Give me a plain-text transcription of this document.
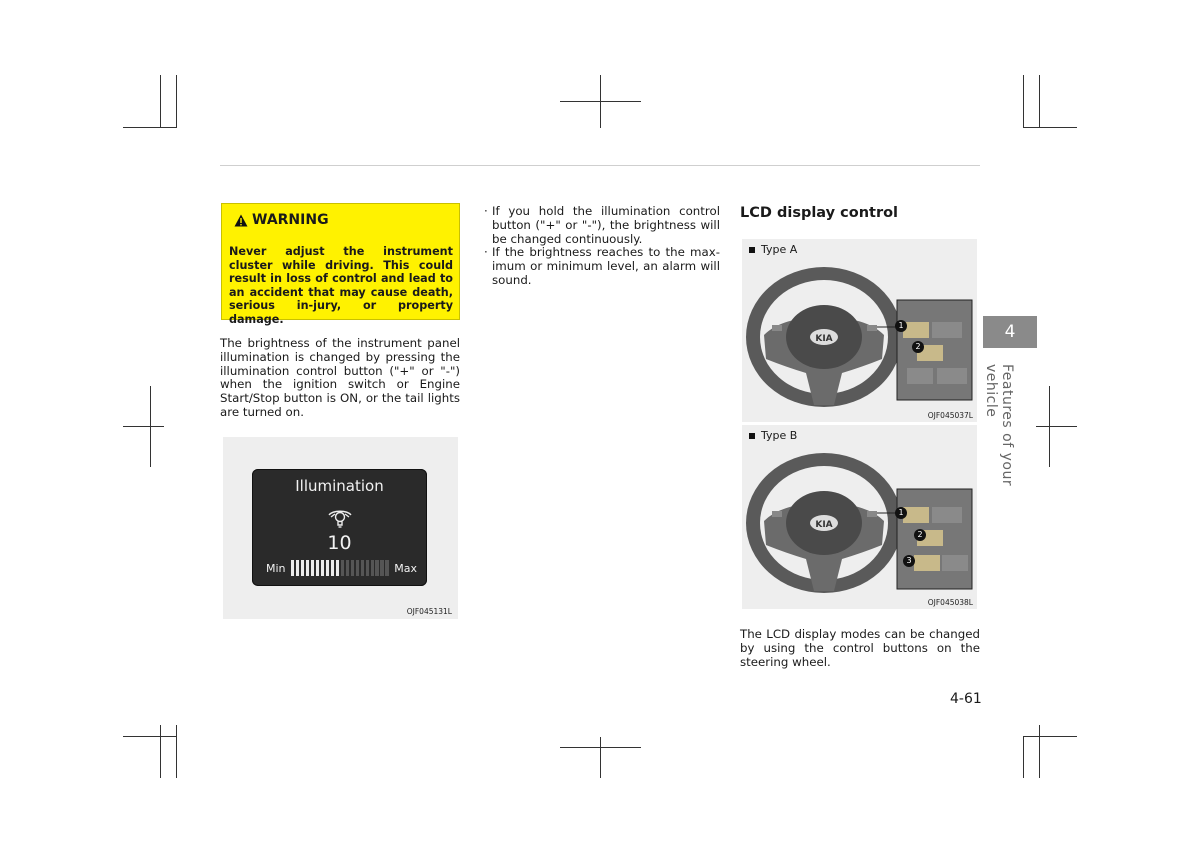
WARNING
Never adjust the instrument cluster while driving. This could result in loss of control and lead to an accident that may cause death, serious in-jury, or property damage.
The brightness of the instrument panel illumination is changed by pressing the illumination control button ("+" or "-") when the ignition switch or Engine Start/Stop button is ON, or the tail lights are turned on.
Illumination
10
Min	Max
OJF045131L
· If you hold the illumination control button ("+" or "-"), the brightness will be changed continuously.
· If the brightness reaches to the max-imum or minimum level, an alarm will sound.
LCD display control
Type A
KIA
1
2
OJF045037L
Type B
KIA
1
2
3
OJF045038L
The LCD display modes can be changed by using the control buttons on the steering wheel.
4
Features of your vehicle
4-61
